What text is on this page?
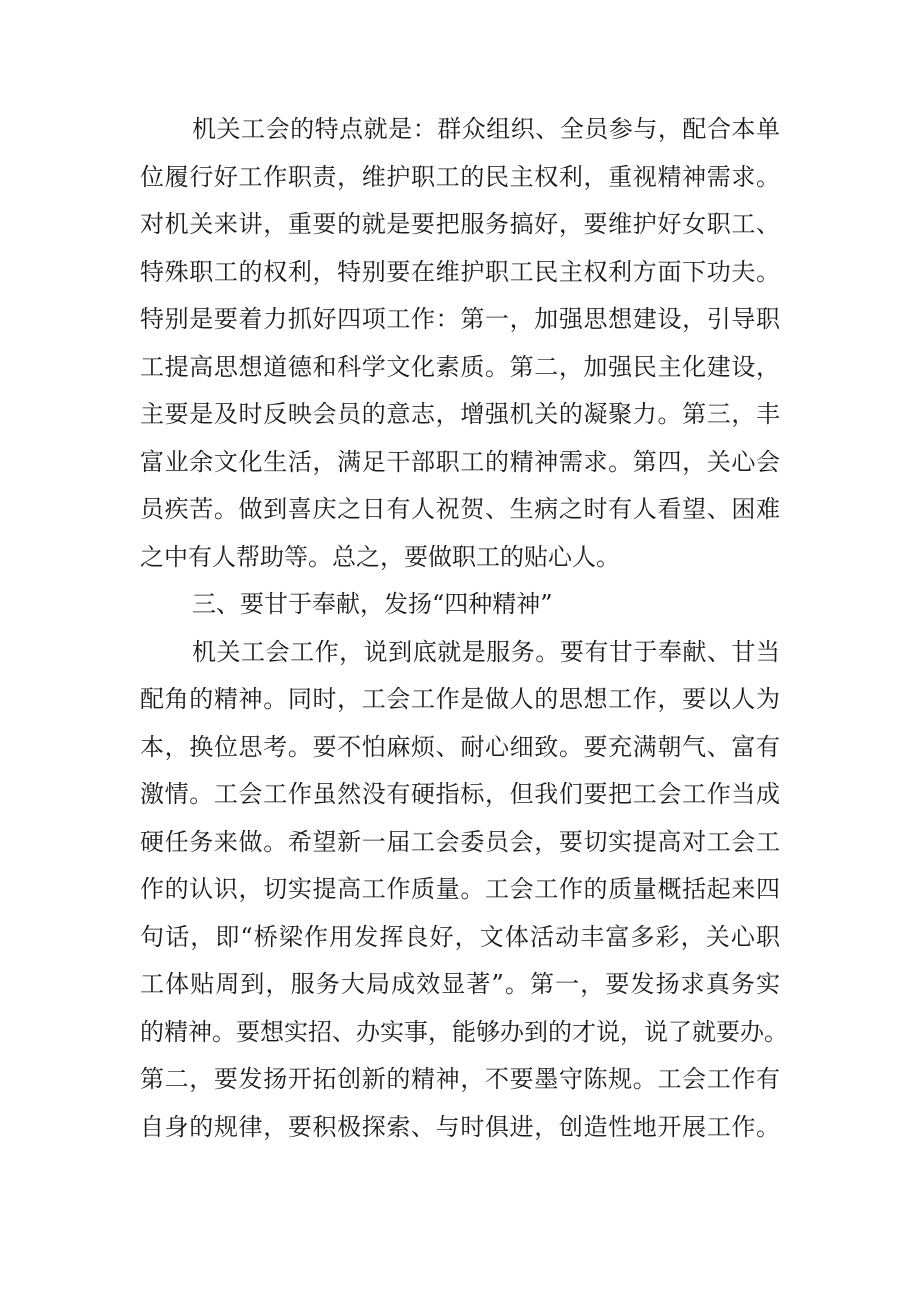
机关工会的特点就是：群众组织、全员参与，配合本单
位履行好工作职责，维护职工的民主权利，重视精神需求。
对机关来讲，重要的就是要把服务搞好，要维护好女职工、
特殊职工的权利，特别要在维护职工民主权利方面下功夫。
特别是要着力抓好四项工作：第一，加强思想建设，引导职
工提高思想道德和科学文化素质。第二，加强民主化建设，
主要是及时反映会员的意志，增强机关的凝聚力。第三，丰
富业余文化生活，满足干部职工的精神需求。第四，关心会
员疾苦。做到喜庆之日有人祝贺、生病之时有人看望、困难
之中有人帮助等。总之，要做职工的贴心人。
三、要甘于奉献，发扬“四种精神”
机关工会工作，说到底就是服务。要有甘于奉献、甘当
配角的精神。同时，工会工作是做人的思想工作，要以人为
本，换位思考。要不怕麻烦、耐心细致。要充满朝气、富有
激情。工会工作虽然没有硬指标，但我们要把工会工作当成
硬任务来做。希望新一届工会委员会，要切实提高对工会工
作的认识，切实提高工作质量。工会工作的质量概括起来四
句话，即“桥梁作用发挥良好，文体活动丰富多彩，关心职
工体贴周到，服务大局成效显著”。第一，要发扬求真务实
的精神。要想实招、办实事，能够办到的才说，说了就要办。
第二，要发扬开拓创新的精神，不要墨守陈规。工会工作有
自身的规律，要积极探索、与时俱进，创造性地开展工作。
